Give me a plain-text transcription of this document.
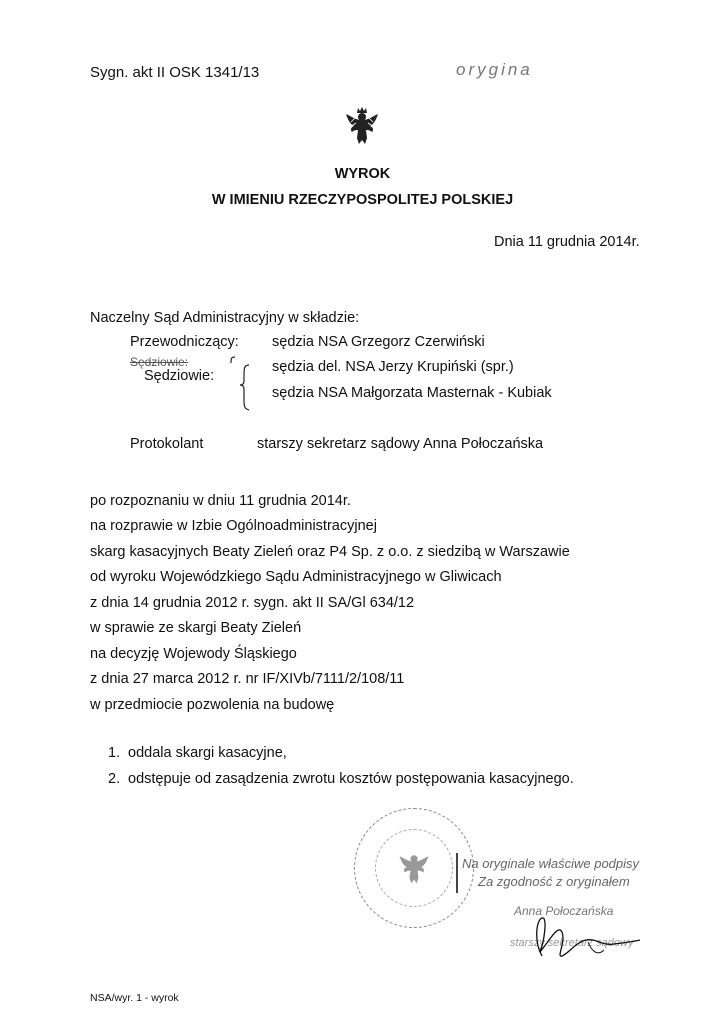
Sygn. akt II OSK 1341/13	orygina
WYROK
W IMIENIU RZECZYPOSPOLITEJ POLSKIEJ
Dnia 11 grudnia 2014r.
Naczelny Sąd Administracyjny w składzie:
Przewodniczący: sędzia NSA Grzegorz Czerwiński
Sędziowie:
Sędziowie:
sędzia del. NSA Jerzy Krupiński (spr.)
sędzia NSA Małgorzata Masternak - Kubiak
Protokolant	starszy sekretarz sądowy Anna Połoczańska
po rozpoznaniu w dniu 11 grudnia 2014r.
na rozprawie w Izbie Ogólnoadministracyjnej
skarg kasacyjnych Beaty Zieleń oraz P4 Sp. z o.o. z siedzibą w Warszawie
od wyroku Wojewódzkiego Sądu Administracyjnego w Gliwicach
z dnia 14 grudnia 2012 r. sygn. akt II SA/Gl 634/12
w sprawie ze skargi Beaty Zieleń
na decyzję Wojewody Śląskiego
z dnia 27 marca 2012 r. nr IF/XIVb/7111/2/108/11
w przedmiocie pozwolenia na budowę
1. oddala skargi kasacyjne,
2. odstępuje od zasądzenia zwrotu kosztów postępowania kasacyjnego.
Na oryginale właściwe podpisy
Za zgodność z oryginałem
Anna Połoczańska
starszy sekretarz sądowy
NSA/wyr. 1 - wyrok
